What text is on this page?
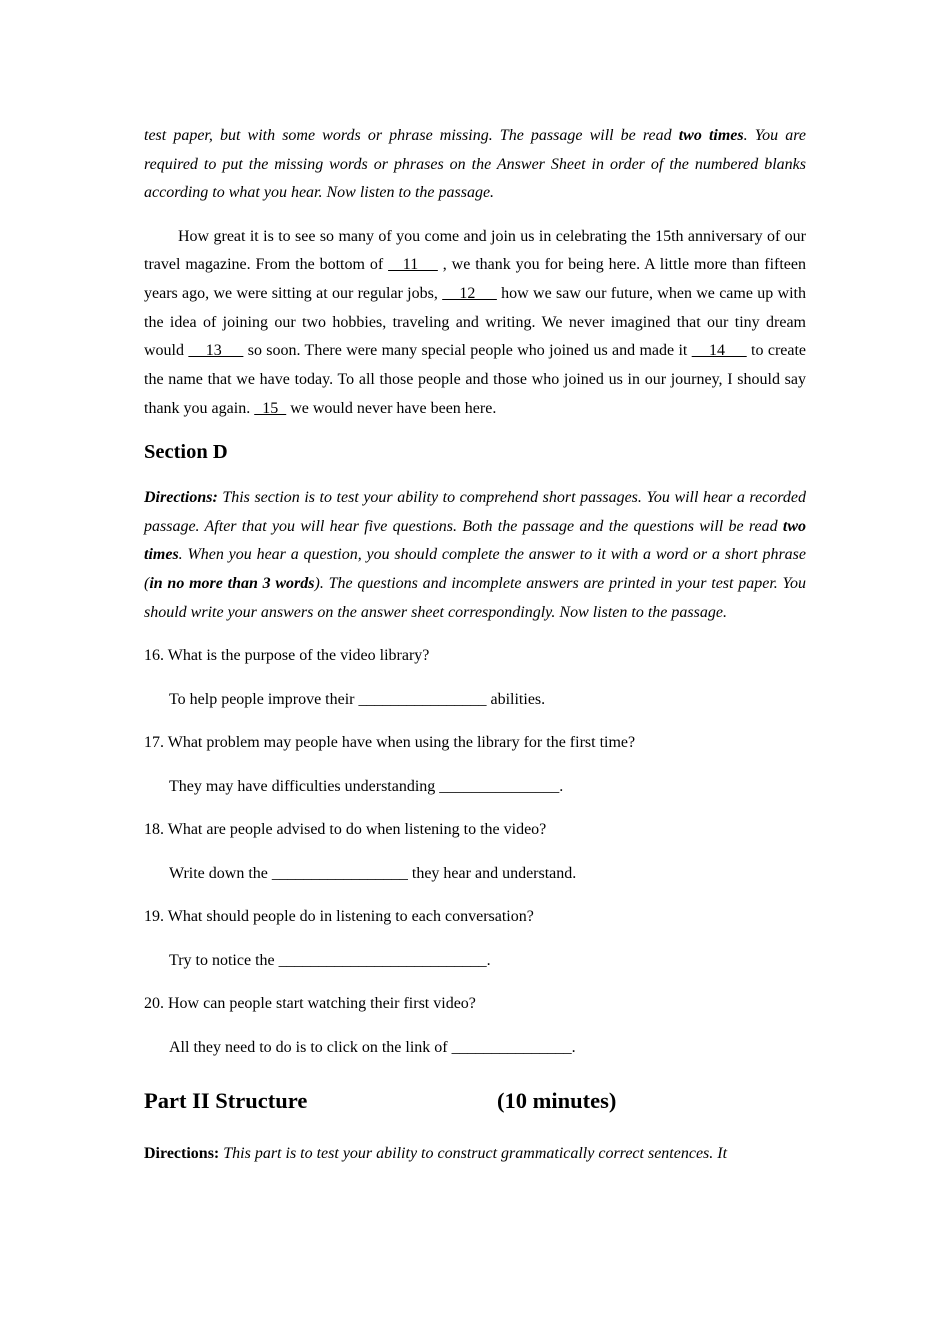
test paper, but with some words or phrase missing. The passage will be read two times. You are required to put the missing words or phrases on the Answer Sheet in order of the numbered blanks according to what you hear. Now listen to the passage.

How great it is to see so many of you come and join us in celebrating the 15th anniversary of our travel magazine. From the bottom of    11     , we thank you for being here. A little more than fifteen years ago, we were sitting at our regular jobs,     12      how we saw our future, when we came up with the idea of joining our two hobbies, traveling and writing. We never imagined that our tiny dream would     13      so soon. There were many special people who joined us and made it     14      to create the name that we have today. To all those people and those who joined us in our journey, I should say thank you again.   15   we would never have been here.

Section D

Directions: This section is to test your ability to comprehend short passages. You will hear a recorded passage. After that you will hear five questions. Both the passage and the questions will be read two times. When you hear a question, you should complete the answer to it with a word or a short phrase (in no more than 3 words). The questions and incomplete answers are printed in your test paper. You should write your answers on the answer sheet correspondingly. Now listen to the passage.

16. What is the purpose of the video library?

To help people improve their ________________ abilities.

17. What problem may people have when using the library for the first time?

They may have difficulties understanding _______________.

18. What are people advised to do when listening to the video?

Write down the _________________ they hear and understand.

19. What should people do in listening to each conversation?

Try to notice the __________________________.

20. How can people start watching their first video?

All they need to do is to click on the link of _______________.

Part II Structure	(10 minutes)

Directions: This part is to test your ability to construct grammatically correct sentences. It
